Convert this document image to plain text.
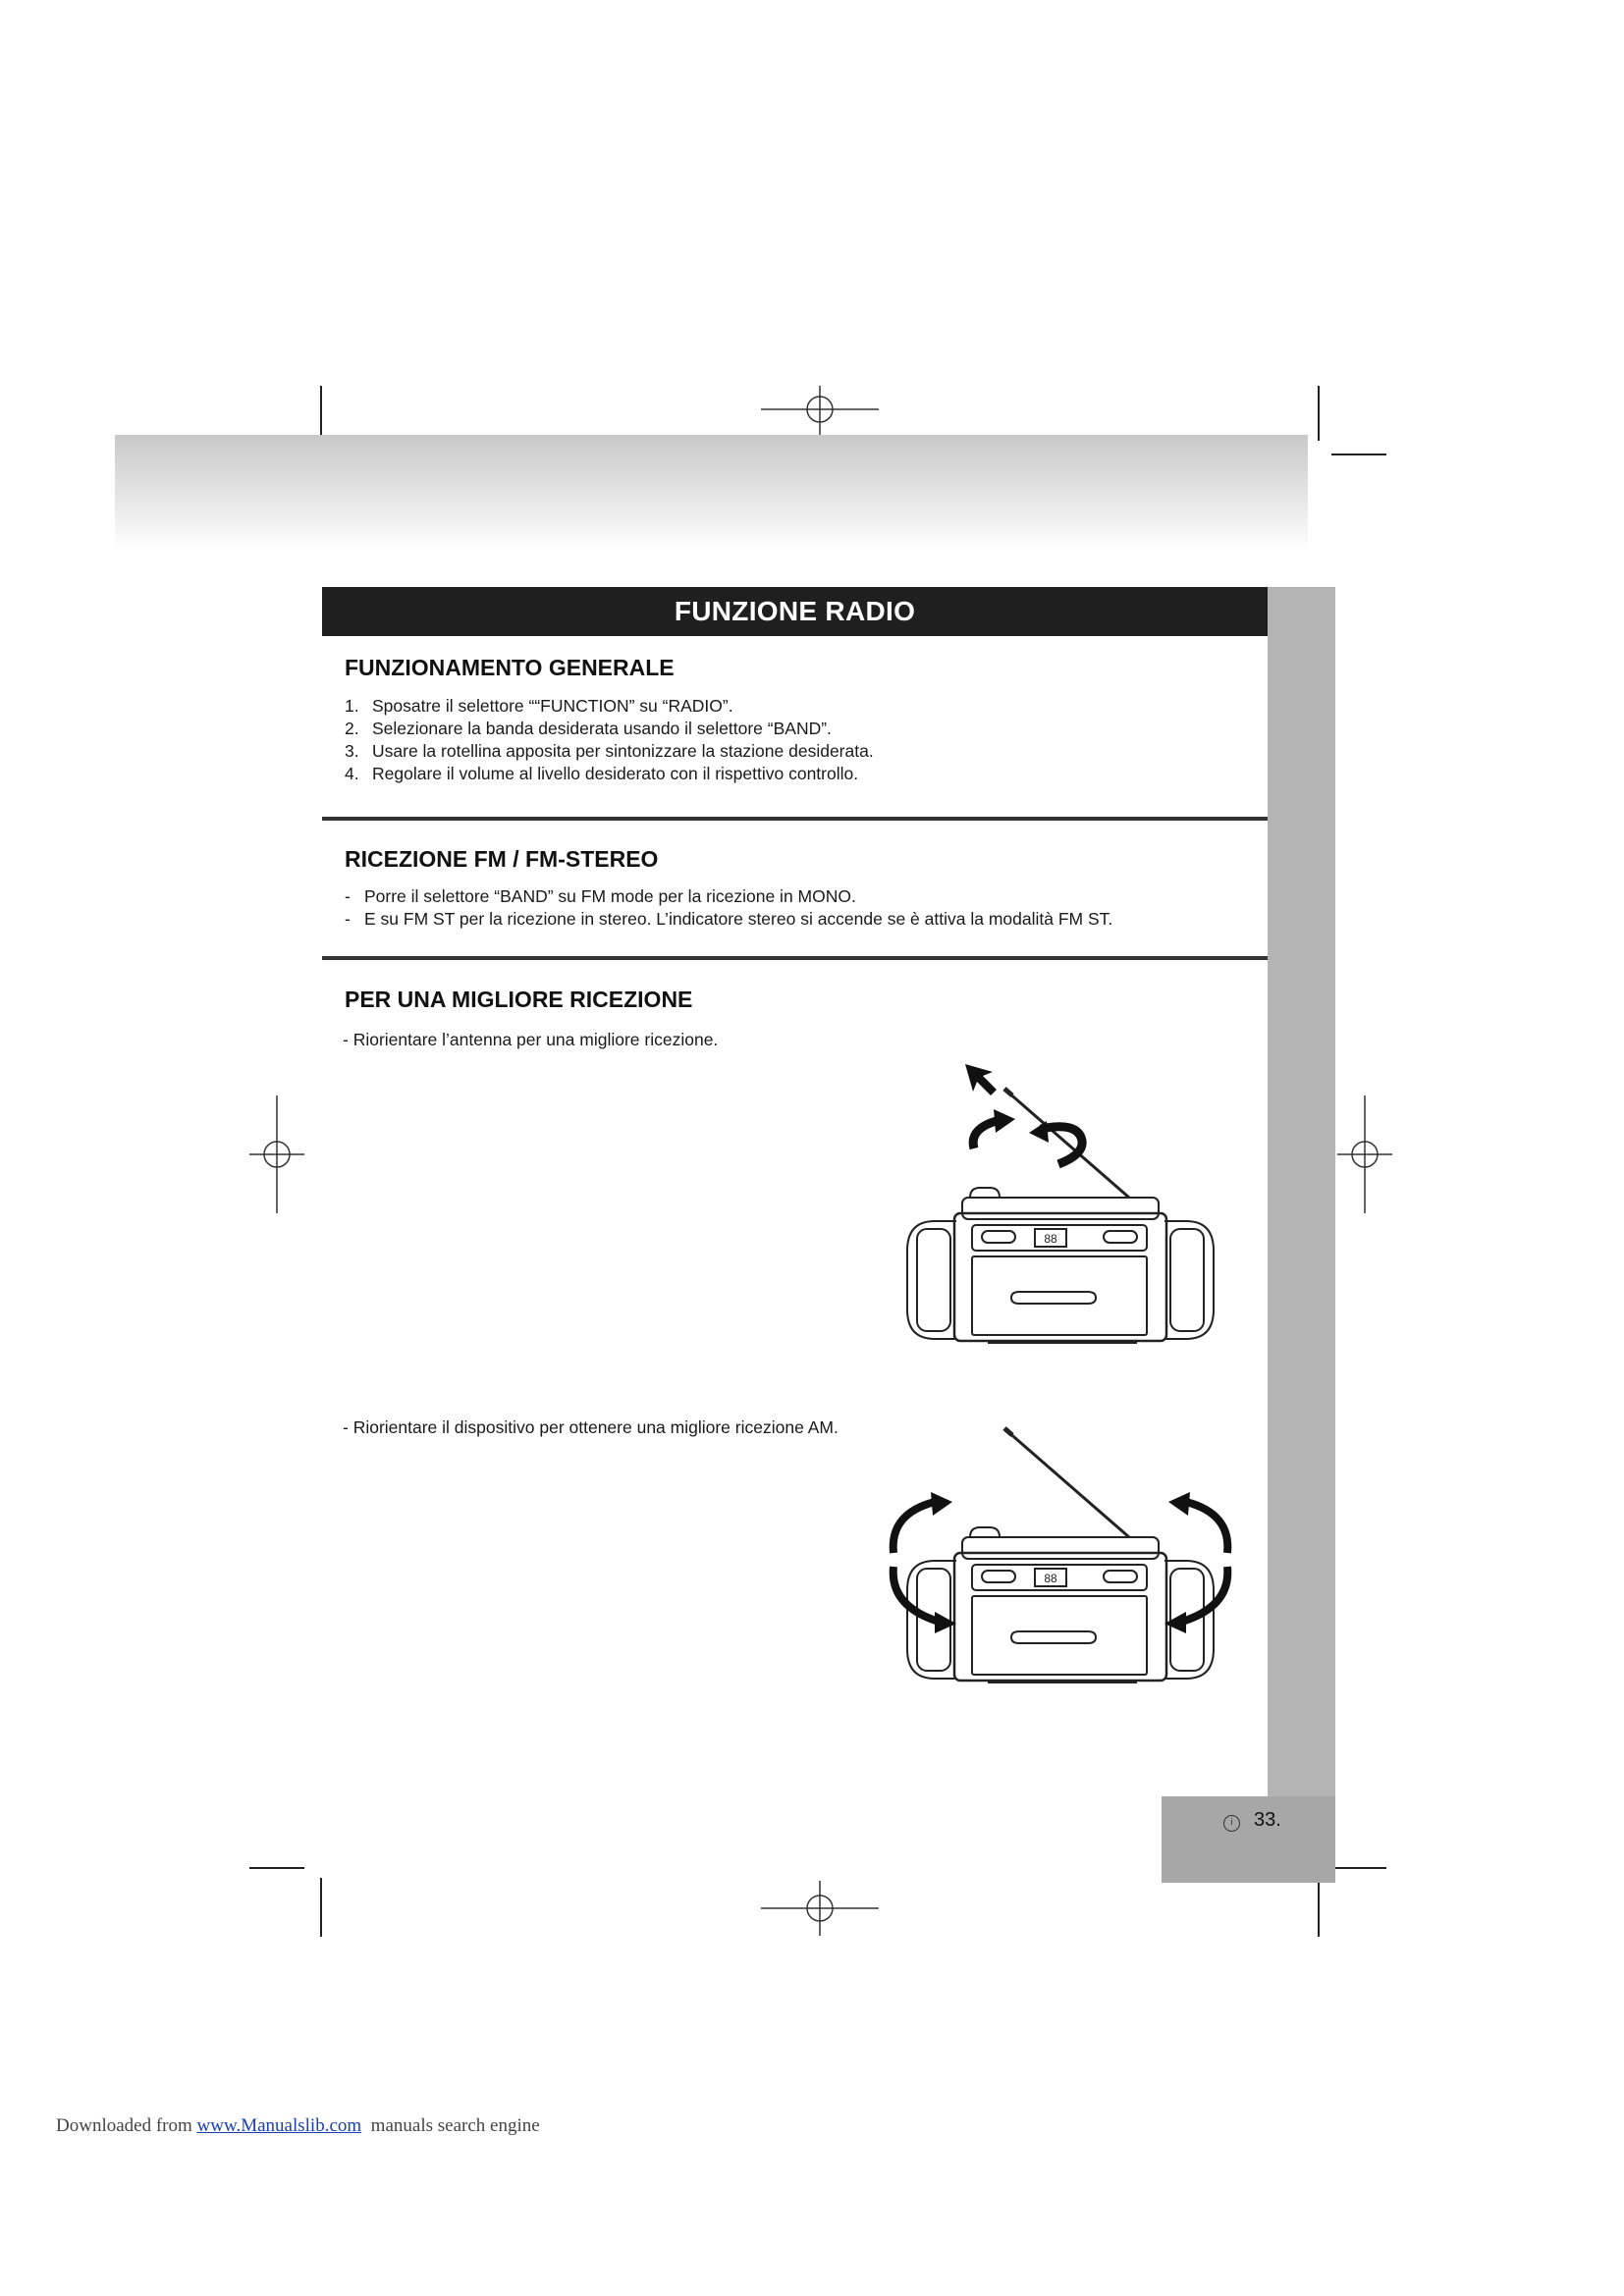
i	33.
FUNZIONE RADIO
FUNZIONAMENTO GENERALE
1. Sposatre il selettore ““FUNCTION” su “RADIO”.
2. Selezionare la banda desiderata usando il selettore “BAND”.
3. Usare la rotellina apposita per sintonizzare la stazione desiderata.
4. Regolare il volume al livello desiderato con il rispettivo controllo.
RICEZIONE FM / FM-STEREO
- Porre il selettore “BAND” su FM mode per la ricezione in MONO.
- E su FM ST per la ricezione in stereo. L’indicatore stereo si accende se è attiva la modalità FM ST.
PER UNA MIGLIORE RICEZIONE
- Riorientare l’antenna per una migliore ricezione.
- Riorientare il dispositivo per ottenere una migliore ricezione AM.
88
88
Downloaded from www.Manualslib.com  manuals search engine
